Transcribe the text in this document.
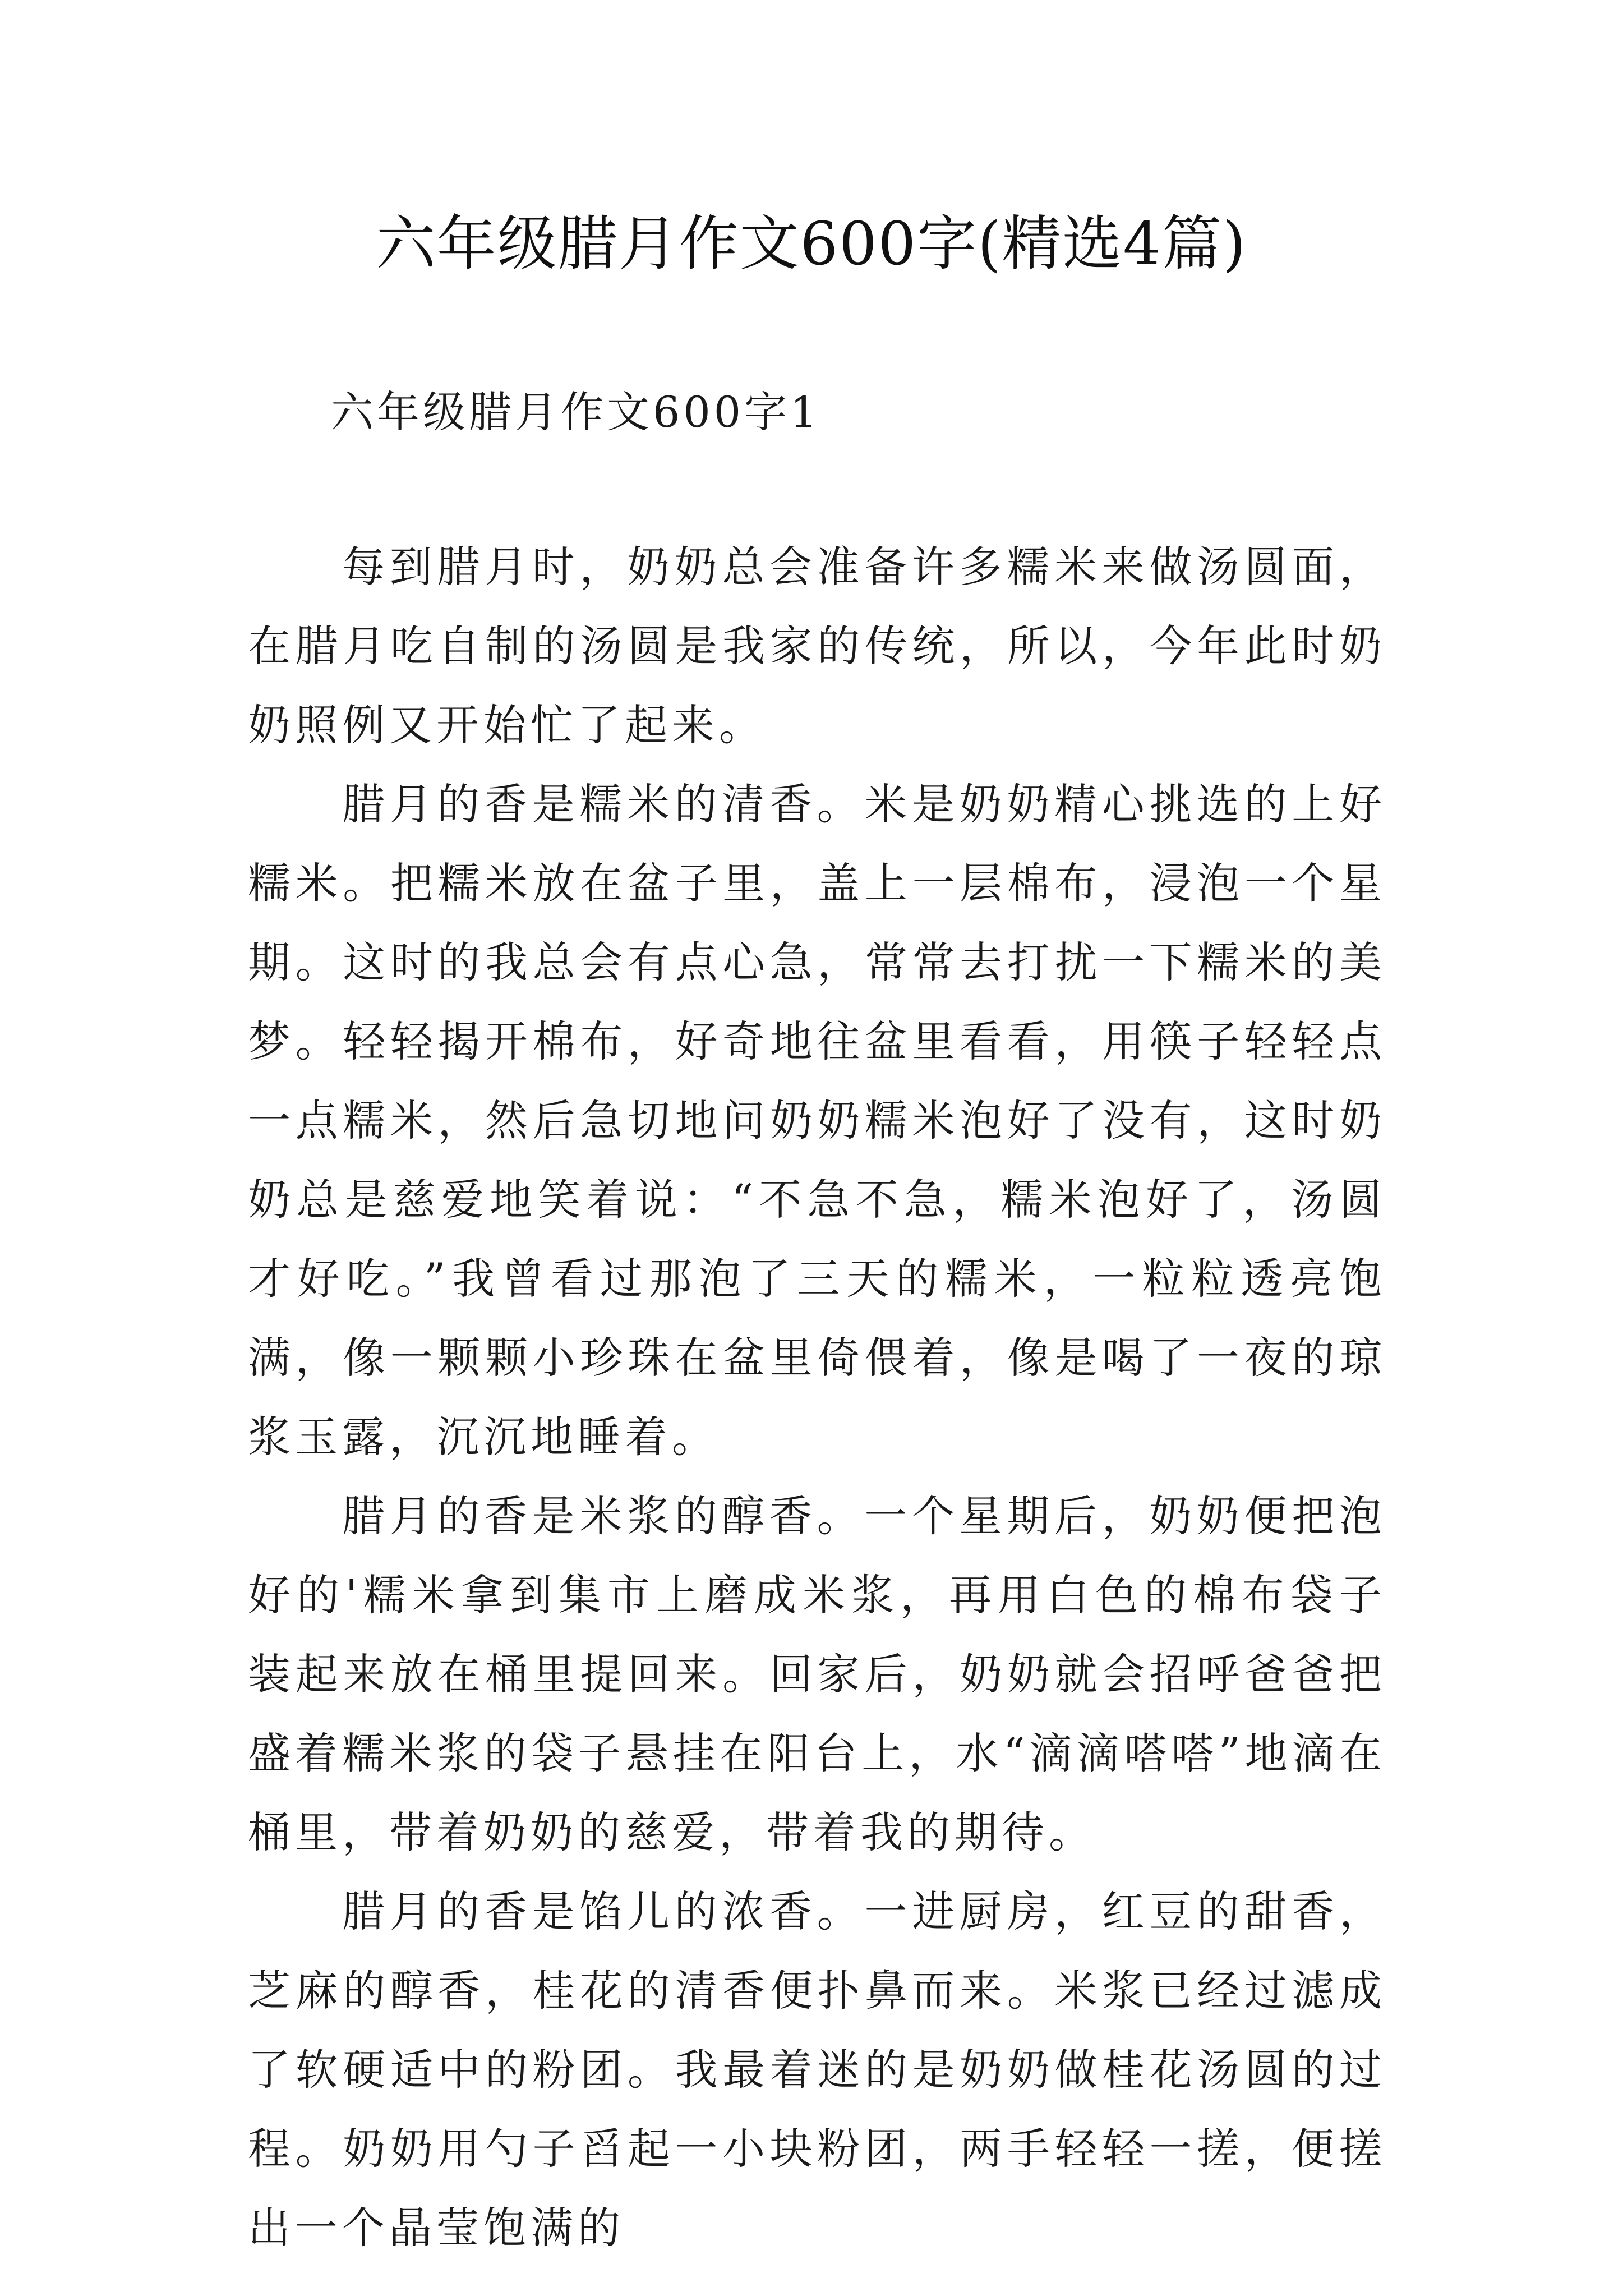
六年级腊月作文600字(精选4篇)
六年级腊月作文600字1

每到腊月时，奶奶总会准备许多糯米来做汤圆面，在腊月吃自制的汤圆是我家的传统，所以，今年此时奶奶照例又开始忙了起来。

腊月的香是糯米的清香。米是奶奶精心挑选的上好糯米。把糯米放在盆子里，盖上一层棉布，浸泡一个星期。这时的我总会有点心急，常常去打扰一下糯米的美梦。轻轻揭开棉布，好奇地往盆里看看，用筷子轻轻点一点糯米，然后急切地问奶奶糯米泡好了没有，这时奶奶总是慈爱地笑着说：“不急不急，糯米泡好了，汤圆才好吃。”我曾看过那泡了三天的糯米，一粒粒透亮饱满，像一颗颗小珍珠在盆里倚偎着，像是喝了一夜的琼浆玉露，沉沉地睡着。

腊月的香是米浆的醇香。一个星期后，奶奶便把泡好的'糯米拿到集市上磨成米浆，再用白色的棉布袋子装起来放在桶里提回来。回家后，奶奶就会招呼爸爸把盛着糯米浆的袋子悬挂在阳台上，水“滴滴嗒嗒”地滴在桶里，带着奶奶的慈爱，带着我的期待。

腊月的香是馅儿的浓香。一进厨房，红豆的甜香，芝麻的醇香，桂花的清香便扑鼻而来。米浆已经过滤成了软硬适中的粉团。我最着迷的是奶奶做桂花汤圆的过程。奶奶用勺子舀起一小块粉团，两手轻轻一搓，便搓出一个晶莹饱满的
